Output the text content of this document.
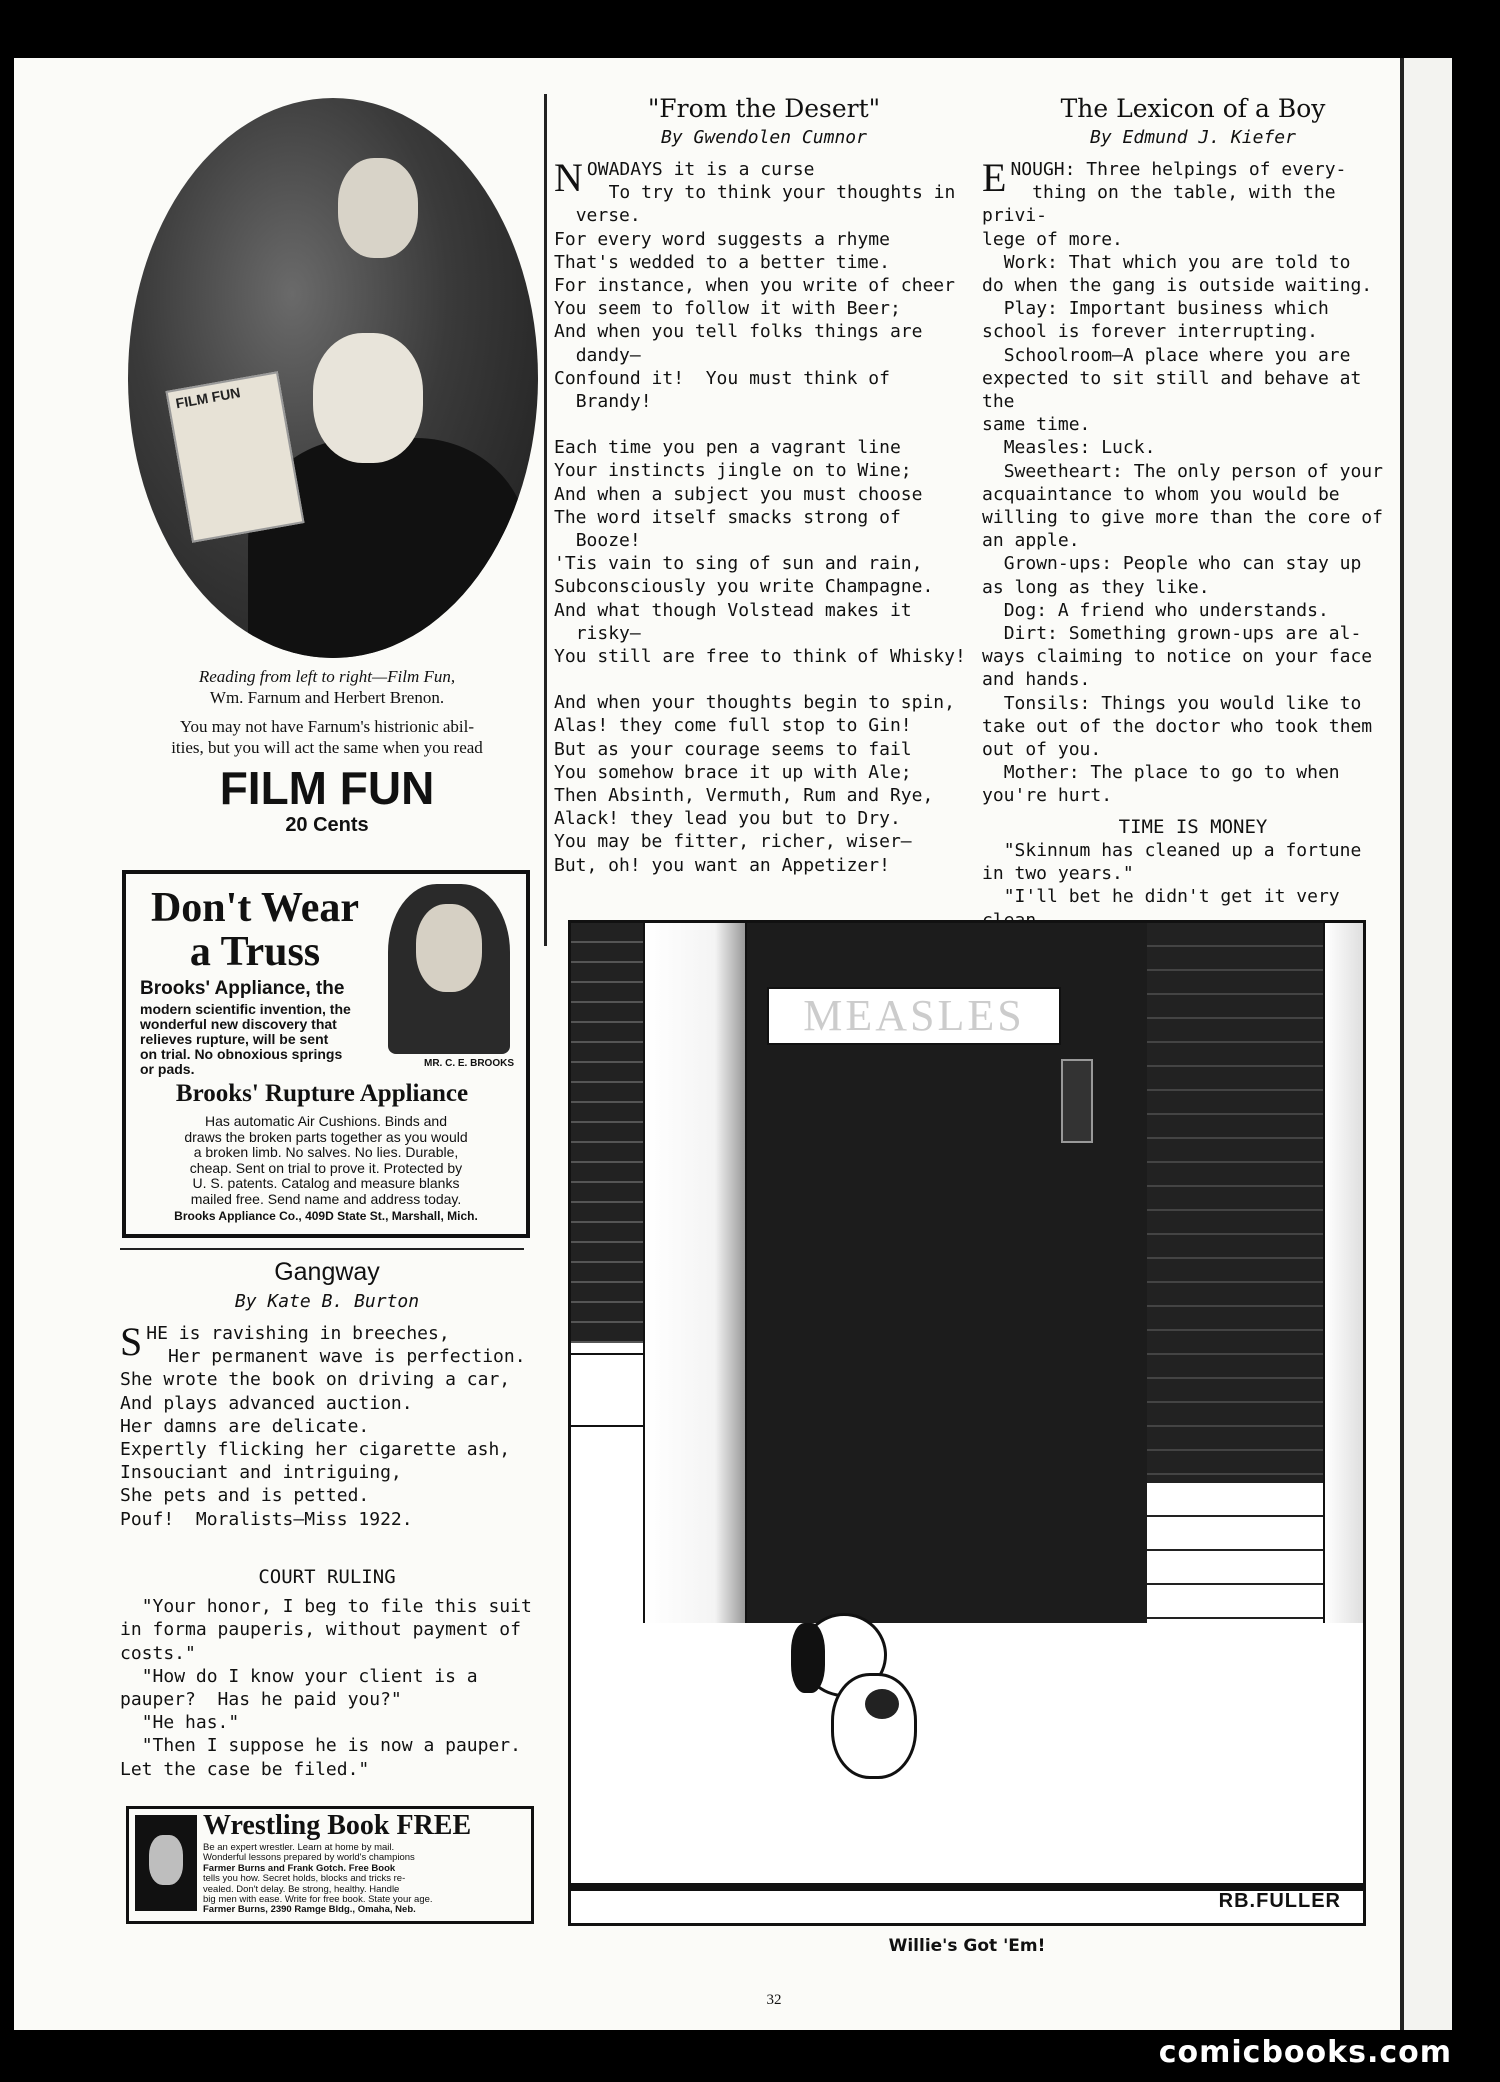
FILM FUN
Reading from left to right—Film Fun,
Wm. Farnum and Herbert Brenon.
You may not have Farnum's histrionic abil-
ities, but you will act the same when you read
FILM FUN
20 Cents
Don't Wear
a Truss
MR. C. E. BROOKS
Brooks' Appliance, the
modern scientific invention, the
wonderful new discovery that
relieves rupture, will be sent
on trial. No obnoxious springs
or pads.
Brooks' Rupture Appliance
Has automatic Air Cushions. Binds and
draws the broken parts together as you would
a broken limb. No salves. No lies. Durable,
cheap. Sent on trial to prove it. Protected by
U. S. patents. Catalog and measure blanks
mailed free. Send name and address today.
Brooks Appliance Co., 409D State St., Marshall, Mich.
Gangway
By Kate B. Burton
S HE is ravishing in breeches,
Her permanent wave is perfection.
She wrote the book on driving a car,
And plays advanced auction.
Her damns are delicate.
Expertly flicking her cigarette ash,
Insouciant and intriguing,
She pets and is petted.
Pouf!  Moralists—Miss 1922.
COURT RULING
"Your honor, I beg to file this suit
in forma pauperis, without payment of
costs."
"How do I know your client is a
pauper?  Has he paid you?"
"He has."
"Then I suppose he is now a pauper.
Let the case be filed."
Wrestling Book FREE
Be an expert wrestler. Learn at home by mail.
Wonderful lessons prepared by world's champions
Farmer Burns and Frank Gotch. Free Book
tells you how. Secret holds, blocks and tricks re-
vealed. Don't delay. Be strong, healthy. Handle
big men with ease. Write for free book. State your age.
Farmer Burns, 2390 Ramge Bldg., Omaha, Neb.
"From the Desert"
By Gwendolen Cumnor
N OWADAYS it is a curse
To try to think your thoughts in
verse.
For every word suggests a rhyme
That's wedded to a better time.
For instance, when you write of cheer
You seem to follow it with Beer;
And when you tell folks things are
dandy—
Confound it!  You must think of
Brandy!
Each time you pen a vagrant line
Your instincts jingle on to Wine;
And when a subject you must choose
The word itself smacks strong of
Booze!
'Tis vain to sing of sun and rain,
Subconsciously you write Champagne.
And what though Volstead makes it
risky—
You still are free to think of Whisky!
And when your thoughts begin to spin,
Alas! they come full stop to Gin!
But as your courage seems to fail
You somehow brace it up with Ale;
Then Absinth, Vermuth, Rum and Rye,
Alack! they lead you but to Dry.
You may be fitter, richer, wiser—
But, oh! you want an Appetizer!
The Lexicon of a Boy
By Edmund J. Kiefer
E NOUGH: Three helpings of every-
thing on the table, with the privi-
lege of more.
Work: That which you are told to
do when the gang is outside waiting.
Play: Important business which
school is forever interrupting.
Schoolroom—A place where you are
expected to sit still and behave at the
same time.
Measles: Luck.
Sweetheart: The only person of your
acquaintance to whom you would be
willing to give more than the core of
an apple.
Grown-ups: People who can stay up
as long as they like.
Dog: A friend who understands.
Dirt: Something grown-ups are al-
ways claiming to notice on your face
and hands.
Tonsils: Things you would like to
take out of the doctor who took them
out of you.
Mother: The place to go to when
you're hurt.
TIME IS MONEY
"Skinnum has cleaned up a fortune
in two years."
"I'll bet he didn't get it very
MEASLES
RB.FULLER
Willie's Got 'Em!
32
comicbooks.com
